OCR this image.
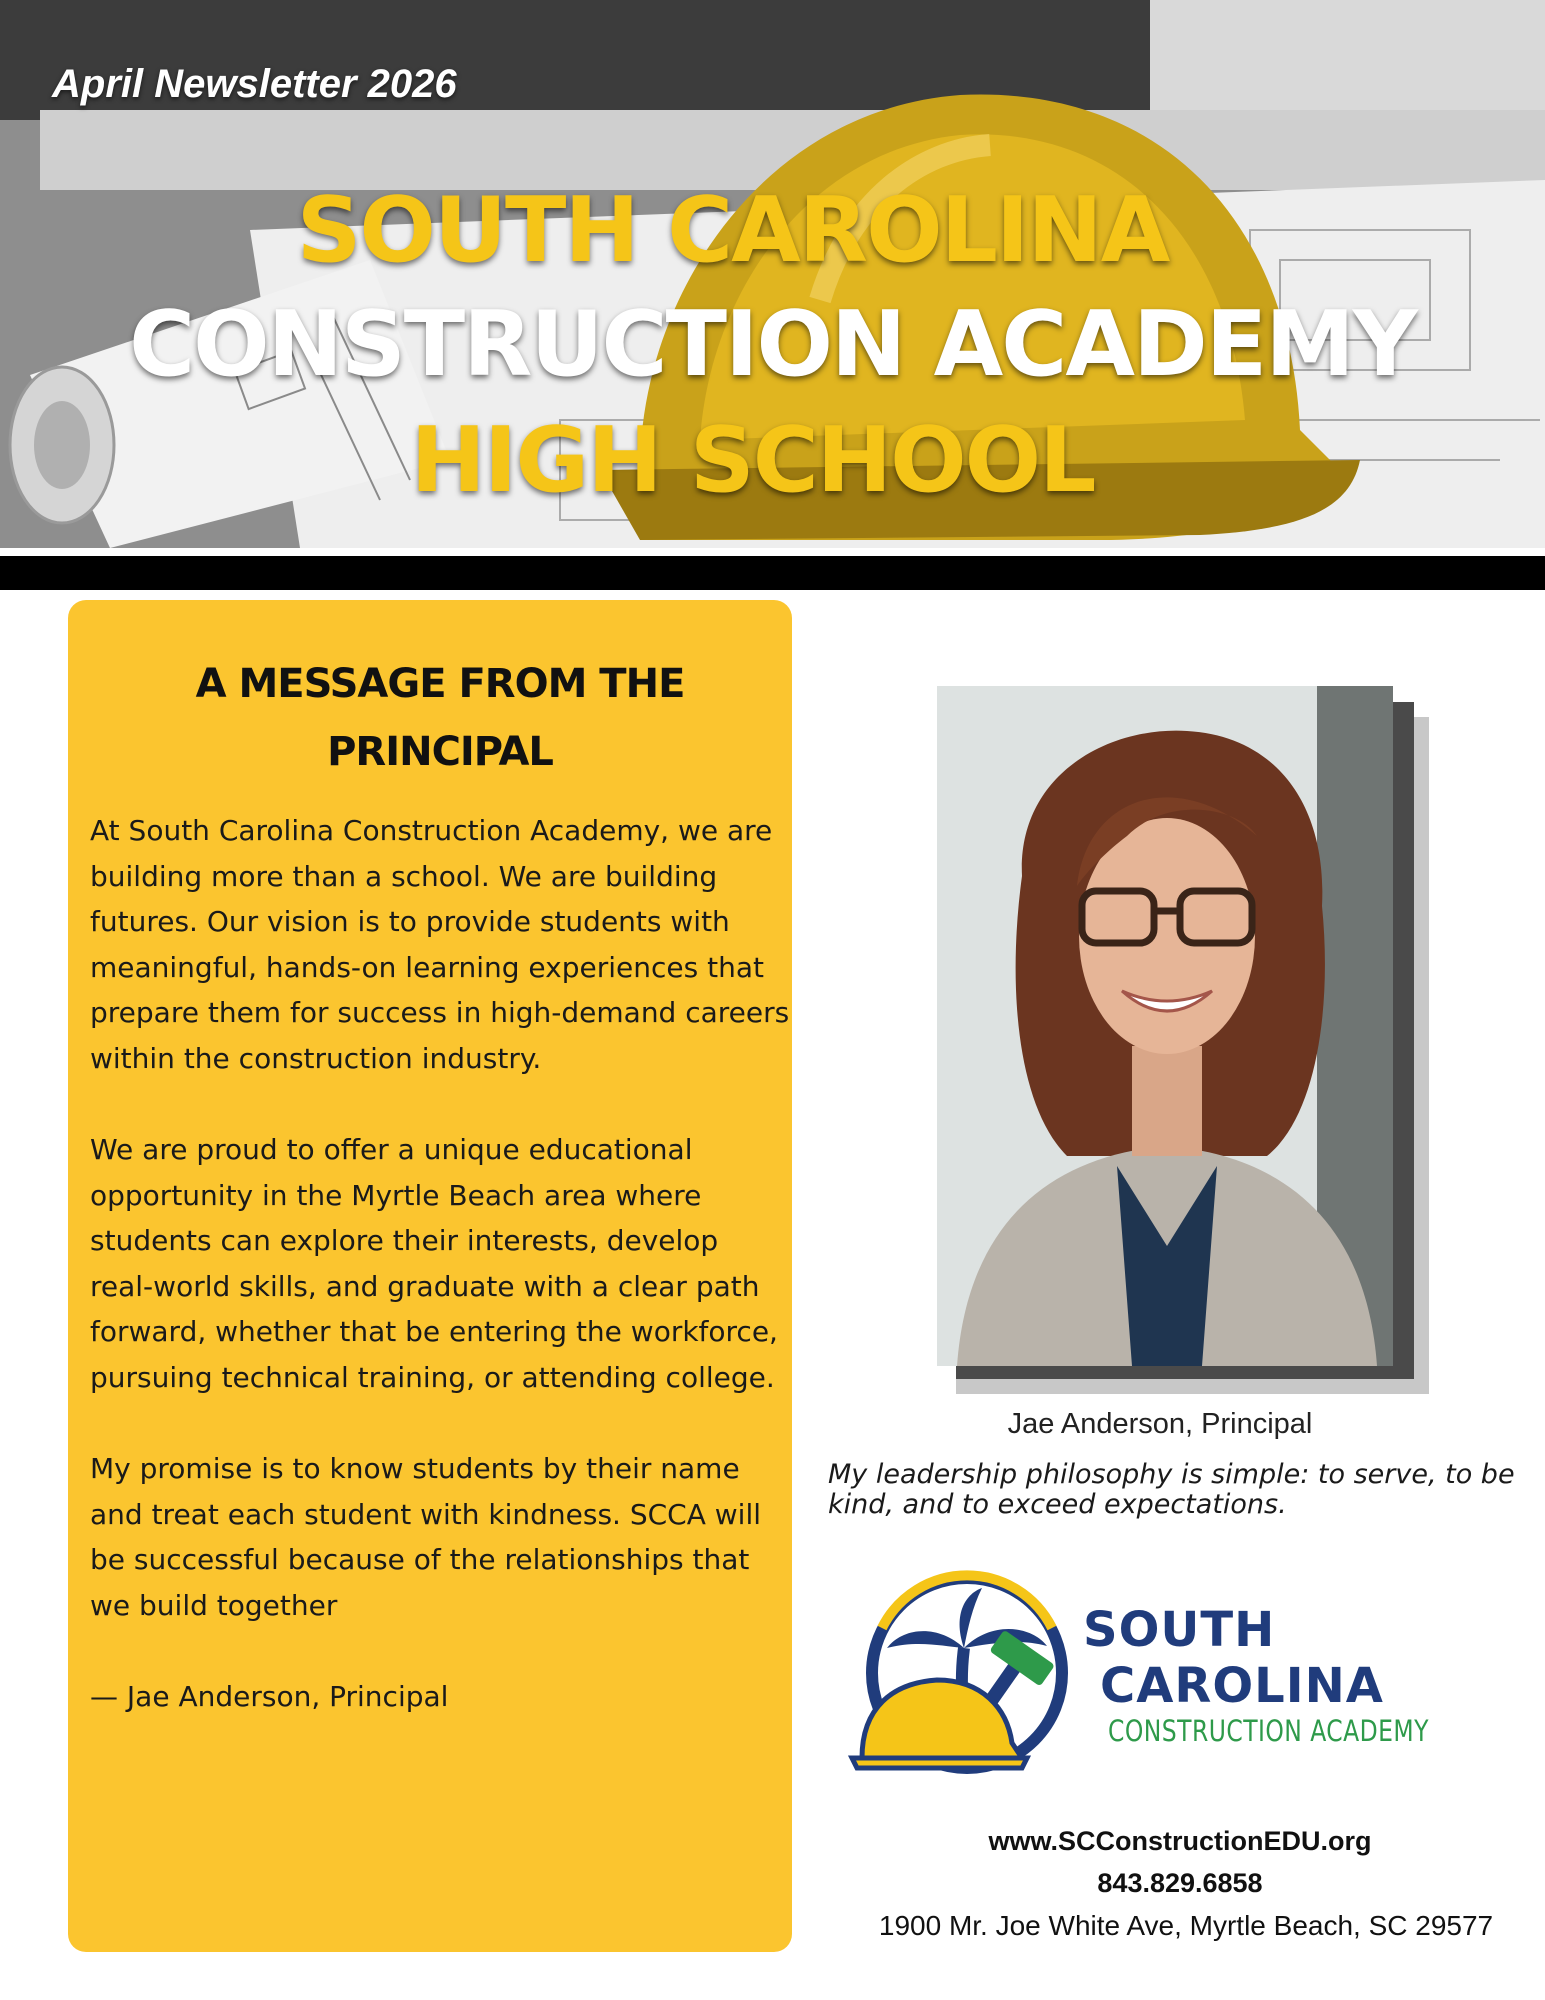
April Newsletter 2026
SOUTH CAROLINA
CONSTRUCTION ACADEMY
HIGH SCHOOL
A MESSAGE FROM THE
PRINCIPAL

At South Carolina Construction Academy, we are building more than a school. We are building futures. Our vision is to provide students with meaningful, hands-on learning experiences that prepare them for success in high-demand careers within the construction industry.

We are proud to offer a unique educational opportunity in the Myrtle Beach area where students can explore their interests, develop real-world skills, and graduate with a clear path forward, whether that be entering the workforce, pursuing technical training, or attending college.

My promise is to know students by their name and treat each student with kindness. SCCA will be successful because of the relationships that we build together

— Jae Anderson, Principal

Jae Anderson, Principal
My leadership philosophy is simple: to serve, to be kind, and to exceed expectations.
SOUTH
CAROLINA
CONSTRUCTION ACADEMY
www.SCConstructionEDU.org
843.829.6858
1900 Mr. Joe White Ave, Myrtle Beach, SC 29577
